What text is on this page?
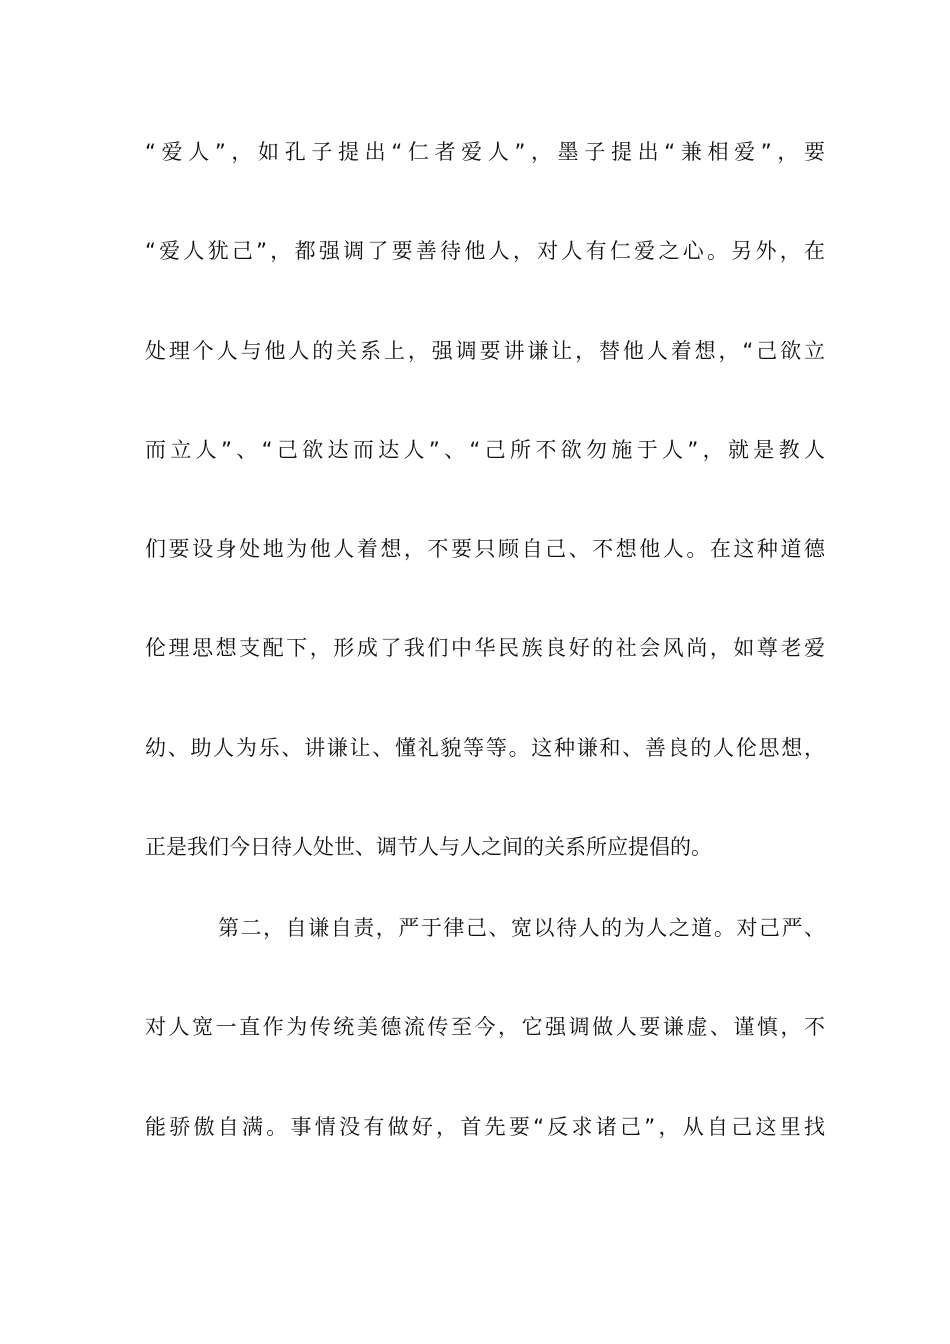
“爱人”，如孔子提出“仁者爱人”，墨子提出“兼相爱”，要
“爱人犹己”，都强调了要善待他人，对人有仁爱之心。另外，在
处理个人与他人的关系上，强调要讲谦让，替他人着想，“己欲立
而立人”、“己欲达而达人”、“己所不欲勿施于人”，就是教人
们要设身处地为他人着想，不要只顾自己、不想他人。在这种道德
伦理思想支配下，形成了我们中华民族良好的社会风尚，如尊老爱
幼、助人为乐、讲谦让、懂礼貌等等。这种谦和、善良的人伦思想，
正是我们今日待人处世、调节人与人之间的关系所应提倡的。
第二，自谦自责，严于律己、宽以待人的为人之道。对己严、
对人宽一直作为传统美德流传至今，它强调做人要谦虚、谨慎，不
能骄傲自满。事情没有做好，首先要“反求诸己”，从自己这里找
